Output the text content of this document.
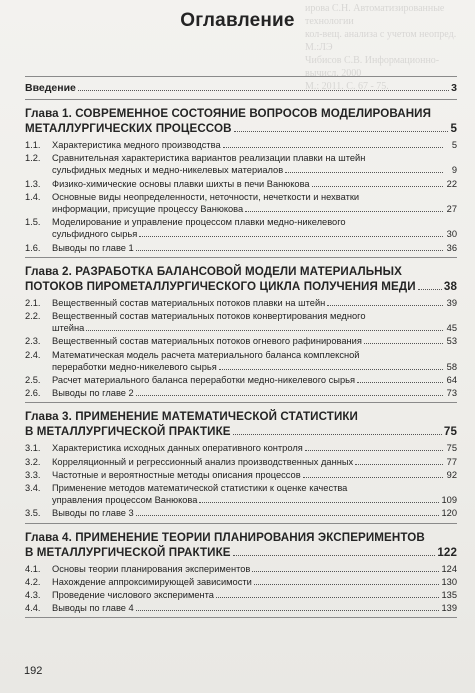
ирова С.Н. Автоматизированные технологии
кол-вещ. анализа с учетом неопред. М.:ЛЭ
Чибисов С.В. Информационно-вычисл. 2000
М.: 2011. С. 67 - 75.
Оглавление
Введение	3
Глава 1. СОВРЕМЕННОЕ СОСТОЯНИЕ ВОПРОСОВ МОДЕЛИРОВАНИЯ
МЕТАЛЛУРГИЧЕСКИХ ПРОЦЕССОВ	5
1.1.	Характеристика медного производства	5
1.2.	Сравнительная характеристика вариантов реализации плавки на штейн
сульфидных медных и медно-никелевых материалов	9
1.3.	Физико-химические основы плавки шихты в печи Ванюкова	22
1.4.	Основные виды неопределенности, неточности, нечеткости и нехватки
информации, присущие процессу Ванюкова	27
1.5.	Моделирование и управление процессом плавки медно-никелевого
сульфидного сырья	30
1.6.	Выводы по главе 1	36
Глава 2. РАЗРАБОТКА БАЛАНСОВОЙ МОДЕЛИ МАТЕРИАЛЬНЫХ
ПОТОКОВ ПИРОМЕТАЛЛУРГИЧЕСКОГО ЦИКЛА ПОЛУЧЕНИЯ МЕДИ 38
2.1.	Вещественный состав материальных потоков плавки на штейн	39
2.2.	Вещественный состав материальных потоков конвертирования медного
штейна	45
2.3.	Вещественный состав материальных потоков огневого рафинирования	53
2.4.	Математическая модель расчета материального баланса комплексной
переработки медно-никелевого сырья	58
2.5.	Расчет материального баланса переработки медно-никелевого сырья	64
2.6.	Выводы по главе 2	73
Глава 3. ПРИМЕНЕНИЕ МАТЕМАТИЧЕСКОЙ СТАТИСТИКИ
В МЕТАЛЛУРГИЧЕСКОЙ ПРАКТИКЕ	75
3.1.	Характеристика исходных данных оперативного контроля	75
3.2.	Корреляционный и регрессионный анализ производственных данных	77
3.3.	Частотные и вероятностные методы описания процессов	92
3.4.	Применение методов математической статистики к оценке качества
управления процессом Ванюкова	109
3.5.	Выводы по главе 3	120
Глава 4. ПРИМЕНЕНИЕ ТЕОРИИ ПЛАНИРОВАНИЯ ЭКСПЕРИМЕНТОВ
В МЕТАЛЛУРГИЧЕСКОЙ ПРАКТИКЕ	122
4.1.	Основы теории планирования экспериментов	124
4.2.	Нахождение аппроксимирующей зависимости	130
4.3.	Проведение числового эксперимента	135
4.4.	Выводы по главе 4	139
192
